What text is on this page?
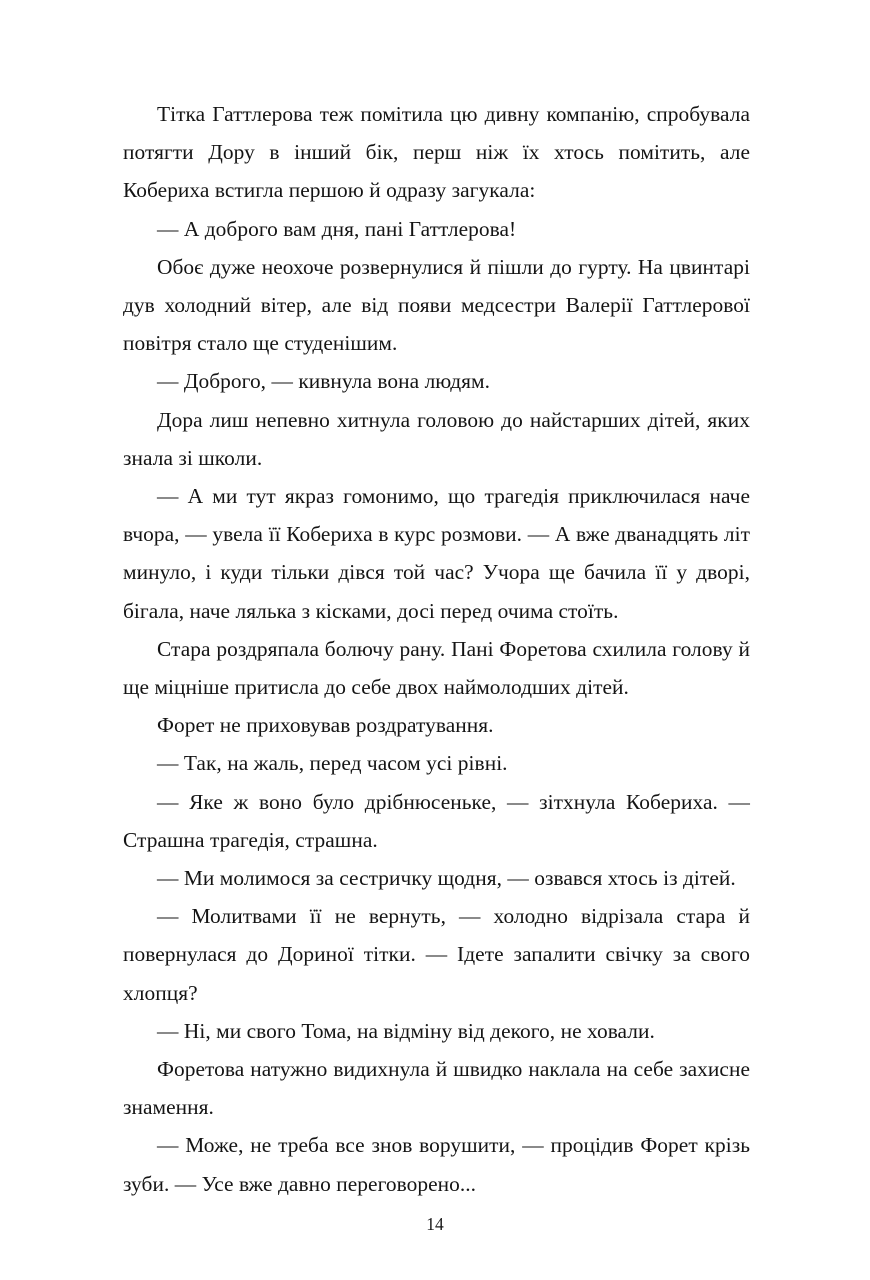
Тітка Гаттлерова теж помітила цю дивну компанію, спробувала потягти Дору в інший бік, перш ніж їх хтось помітить, але Кобериха встигла першою й одразу загукала:

— А доброго вам дня, пані Гаттлерова!

Обоє дуже неохоче розвернулися й пішли до гурту. На цвинтарі дув холодний вітер, але від появи медсестри Валерії Гаттлерової повітря стало ще студенішим.

— Доброго, — кивнула вона людям.

Дора лиш непевно хитнула головою до найстарших дітей, яких знала зі школи.

— А ми тут якраз гомонимо, що трагедія приключилася наче вчора, — увела її Кобериха в курс розмови. — А вже дванадцять літ минуло, і куди тільки дівся той час? Учора ще бачила її у дворі, бігала, наче лялька з кісками, досі перед очима стоїть.

Стара роздряпала болючу рану. Пані Форетова схилила голову й ще міцніше притисла до себе двох наймолодших дітей.

Форет не приховував роздратування.

— Так, на жаль, перед часом усі рівні.

— Яке ж воно було дрібнюсеньке, — зітхнула Кобериха. — Страшна трагедія, страшна.

— Ми молимося за сестричку щодня, — озвався хтось із дітей.

— Молитвами її не вернуть, — холодно відрізала стара й повернулася до Дориної тітки. — Ідете запалити свічку за свого хлопця?

— Ні, ми свого Тома, на відміну від декого, не ховали.

Форетова натужно видихнула й швидко наклала на себе захисне знамення.

— Може, не треба все знов ворушити, — процідив Форет крізь зуби. — Усе вже давно переговорено...

14
